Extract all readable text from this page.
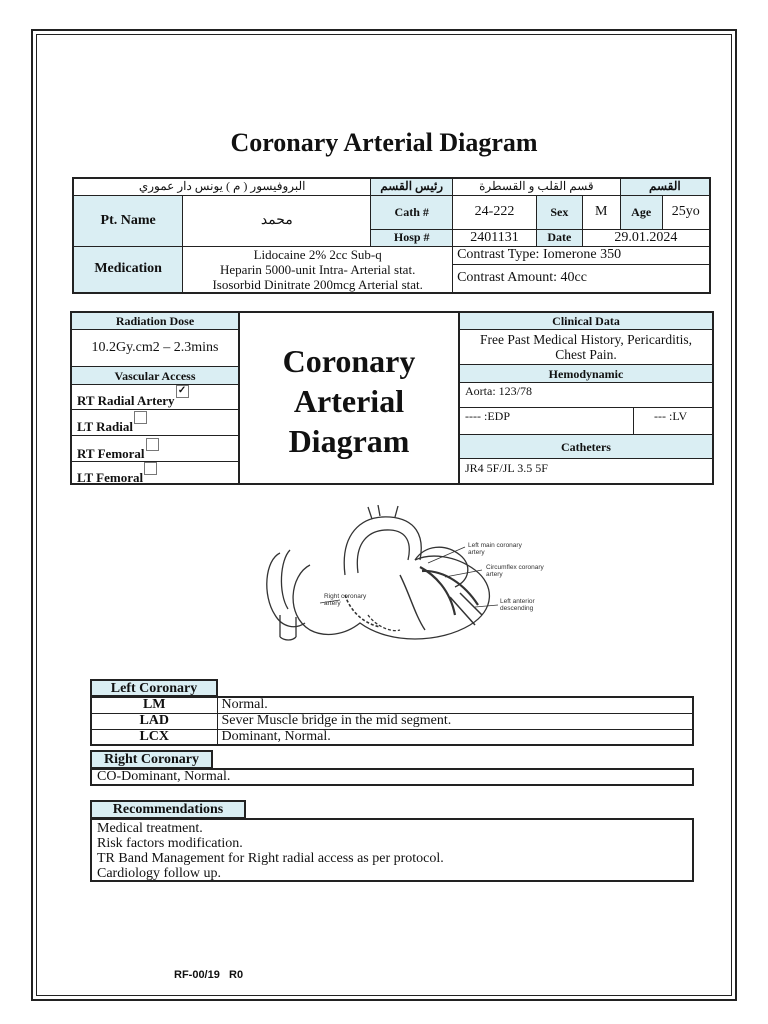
Coronary Arterial Diagram
البروفيسور ( م ) يونس دار عموري		رئيس القسم	قسم القلب و القسطرة			القسم	
Pt. Name	محمد	Cath #	24-222	Sex	M	Age	25yo
		Hosp #	2401131	Date	29.01.2024		
Medication	Lidocaine 2% 2cc Sub-q
Heparin 5000-unit Intra- Arterial stat.
Isosorbid Dinitrate 200mcg Arterial stat.		Contrast Type: Iomerone 350				
			Contrast Amount: 40cc				
Radiation Dose
10.2Gy.cm2 – 2.3mins
Vascular Access
RT Radial Artery✓
LT Radial
RT Femoral
LT Femoral
Coronary
Arterial
Diagram
Clinical Data
Free Past Medical History, Pericarditis, Chest Pain.
Hemodynamic
Aorta: 123/78
---- :EDP	--- :LV
Catheters
JR4 5F/JL 3.5 5F
Left main coronary
artery
Circumflex coronary
artery
Right coronary
artery	Left anterior
descending
Left Coronary
LM	Normal.
LAD	Sever Muscle bridge in the mid segment.
LCX	Dominant, Normal.
Right Coronary
CO-Dominant, Normal.
Recommendations
Medical treatment.
Risk factors modification.
TR Band Management for Right radial access as per protocol.
Cardiology follow up.
RF-00/19   R0
